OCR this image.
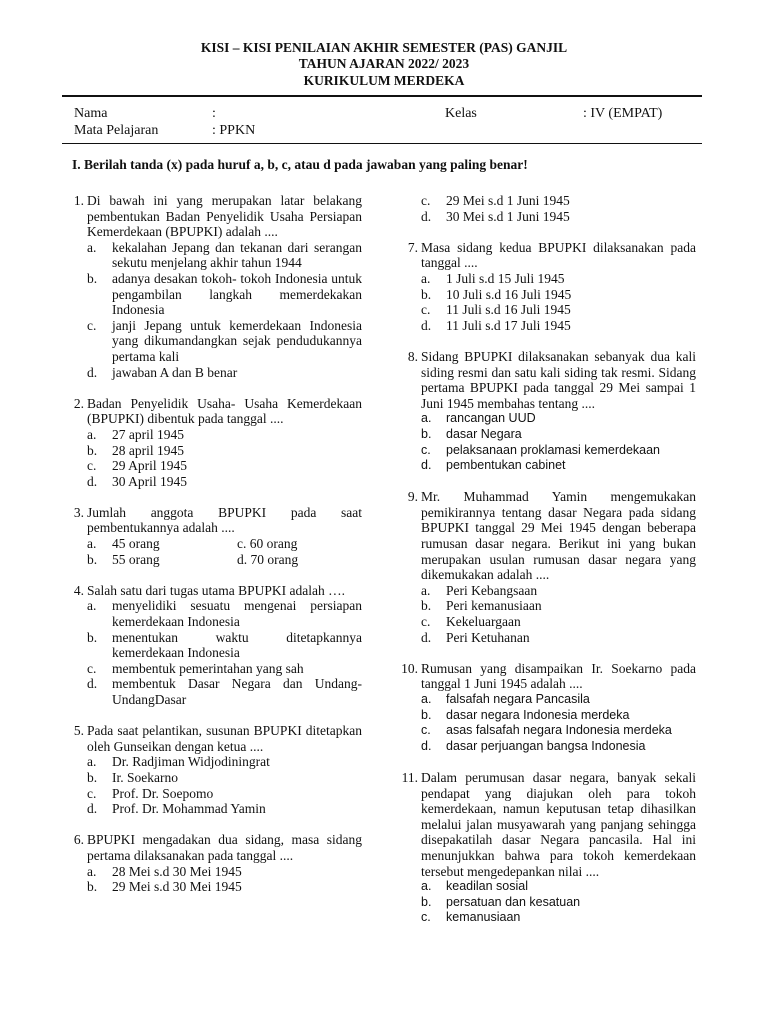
KISI – KISI PENILAIAN AKHIR SEMESTER (PAS) GANJIL
TAHUN AJARAN 2022/ 2023
KURIKULUM MERDEKA
Nama	:	Kelas	: IV (EMPAT)
Mata Pelajaran	: PPKN
I. Berilah tanda (x) pada huruf a, b, c, atau d pada jawaban yang paling benar!
1. Di bawah ini yang merupakan latar belakang pembentukan Badan Penyelidik Usaha Persiapan Kemerdekaan (BPUPKI) adalah ....
a. kekalahan Jepang dan tekanan dari serangan sekutu menjelang akhir tahun 1944
b. adanya desakan tokoh- tokoh Indonesia untuk pengambilan langkah memerdekakan Indonesia
c. janji Jepang untuk kemerdekaan Indonesia yang dikumandangkan sejak pendudukannya pertama kali
d. jawaban A dan B benar
2. Badan Penyelidik Usaha- Usaha Kemerdekaan (BPUPKI) dibentuk pada tanggal ....
a. 27 april 1945
b. 28 april 1945
c. 29 April 1945
d. 30 April 1945
3. Jumlah anggota BPUPKI pada saat pembentukannya adalah ....
a. 45 orang	c. 60 orang
b. 55 orang	d. 70 orang
4. Salah satu dari tugas utama BPUPKI adalah ….
a. menyelidiki sesuatu mengenai persiapan kemerdekaan Indonesia
b. menentukan waktu ditetapkannya kemerdekaan Indonesia
c. membentuk pemerintahan yang sah
d. membentuk Dasar Negara dan Undang-UndangDasar
5. Pada saat pelantikan, susunan BPUPKI ditetapkan oleh Gunseikan dengan ketua ....
a. Dr. Radjiman Widjodiningrat
b. Ir. Soekarno
c. Prof. Dr. Soepomo
d. Prof. Dr. Mohammad Yamin
6. BPUPKI mengadakan dua sidang, masa sidang pertama dilaksanakan pada tanggal ....
a. 28 Mei s.d 30 Mei 1945
b. 29 Mei s.d 30 Mei 1945
c. 29 Mei s.d 1 Juni 1945
d. 30 Mei s.d 1 Juni 1945
7. Masa sidang kedua BPUPKI dilaksanakan pada tanggal ....
a. 1 Juli s.d 15 Juli 1945
b. 10 Juli s.d 16 Juli 1945
c. 11 Juli s.d 16 Juli 1945
d. 11 Juli s.d 17 Juli 1945
8. Sidang BPUPKI dilaksanakan sebanyak dua kali siding resmi dan satu kali siding tak resmi. Sidang pertama BPUPKI pada tanggal 29 Mei sampai 1 Juni 1945 membahas tentang ....
a. rancangan UUD
b. dasar Negara
c. pelaksanaan proklamasi kemerdekaan
d. pembentukan cabinet
9. Mr. Muhammad Yamin mengemukakan pemikirannya tentang dasar Negara pada sidang BPUPKI tanggal 29 Mei 1945 dengan beberapa rumusan dasar negara. Berikut ini yang bukan merupakan usulan rumusan dasar negara yang dikemukakan adalah ....
a. Peri Kebangsaan
b. Peri kemanusiaan
c. Kekeluargaan
d. Peri Ketuhanan
10. Rumusan yang disampaikan Ir. Soekarno pada tanggal 1 Juni 1945 adalah ....
a. falsafah negara Pancasila
b. dasar negara Indonesia merdeka
c. asas falsafah negara Indonesia merdeka
d. dasar perjuangan bangsa Indonesia
11. Dalam perumusan dasar negara, banyak sekali pendapat yang diajukan oleh para tokoh kemerdekaan, namun keputusan tetap dihasilkan melalui jalan musyawarah yang panjang sehingga disepakatilah dasar Negara pancasila. Hal ini menunjukkan bahwa para tokoh kemerdekaan tersebut mengedepankan nilai ....
a. keadilan sosial
b. persatuan dan kesatuan
c. kemanusiaan
